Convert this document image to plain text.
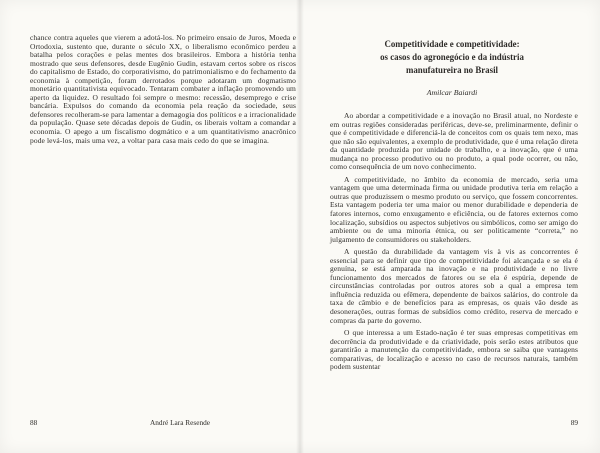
chance contra aqueles que vierem a adotá-los. No primeiro ensaio de Juros, Moeda e Ortodoxia, sustento que, durante o século XX, o liberalismo econômico perdeu a batalha pelos corações e pelas mentes dos brasileiros. Embora a história tenha mostrado que seus defensores, desde Eugênio Gudin, estavam certos sobre os riscos do capitalismo de Estado, do corporativismo, do patrimonialismo e do fechamento da economia à competição, foram derrotados porque adotaram um dogmatismo monetário quantitativista equivocado. Tentaram combater a inflação promovendo um aperto da liquidez. O resultado foi sempre o mesmo: recessão, desemprego e crise bancária. Expulsos do comando da economia pela reação da sociedade, seus defensores recolheram-se para lamentar a demagogia dos políticos e a irracionalidade da população. Quase sete décadas depois de Gudin, os liberais voltam a comandar a economia. O apego a um fiscalismo dogmático e a um quantitativismo anacrônico pode levá-los, mais uma vez, a voltar para casa mais cedo do que se imagina.
88	André Lara Resende
Competitividade e competitividade:
os casos do agronegócio e da indústria
manufatureira no Brasil
Amilcar Baiardi

Ao abordar a competitividade e a inovação no Brasil atual, no Nordeste e em outras regiões consideradas periféricas, deve-se, preliminarmente, definir o que é competitividade e diferenciá-la de conceitos com os quais tem nexo, mas que não são equivalentes, a exemplo de produtividade, que é uma relação direta da quantidade produzida por unidade de trabalho, e a inovação, que é uma mudança no processo produtivo ou no produto, a qual pode ocorrer, ou não, como consequência de um novo conhecimento.

A competitividade, no âmbito da economia de mercado, seria uma vantagem que uma determinada firma ou unidade produtiva teria em relação a outras que produzissem o mesmo produto ou serviço, que fossem concorrentes. Esta vantagem poderia ter uma maior ou menor durabilidade e dependeria de fatores internos, como enxugamento e eficiência, ou de fatores externos como localização, subsídios ou aspectos subjetivos ou simbólicos, como ser amigo do ambiente ou de uma minoria étnica, ou ser politicamente “correta,” no julgamento de consumidores ou stakeholders.

A questão da durabilidade da vantagem vis à vis as concorrentes é essencial para se definir que tipo de competitividade foi alcançada e se ela é genuína, se está amparada na inovação e na produtividade e no livre funcionamento dos mercados de fatores ou se ela é espúria, depende de circunstâncias controladas por outros atores sob a qual a empresa tem influência reduzida ou efêmera, dependente de baixos salários, do controle da taxa de câmbio e de benefícios para as empresas, os quais vão desde as desonerações, outras formas de subsídios como crédito, reserva de mercado e compras da parte do governo.

O que interessa a um Estado-nação é ter suas empresas competitivas em decorrência da produtividade e da criatividade, pois serão estes atributos que garantirão a manutenção da competitividade, embora se saiba que vantagens comparativas, de localização e acesso no caso de recursos naturais, também podem sustentar

89
